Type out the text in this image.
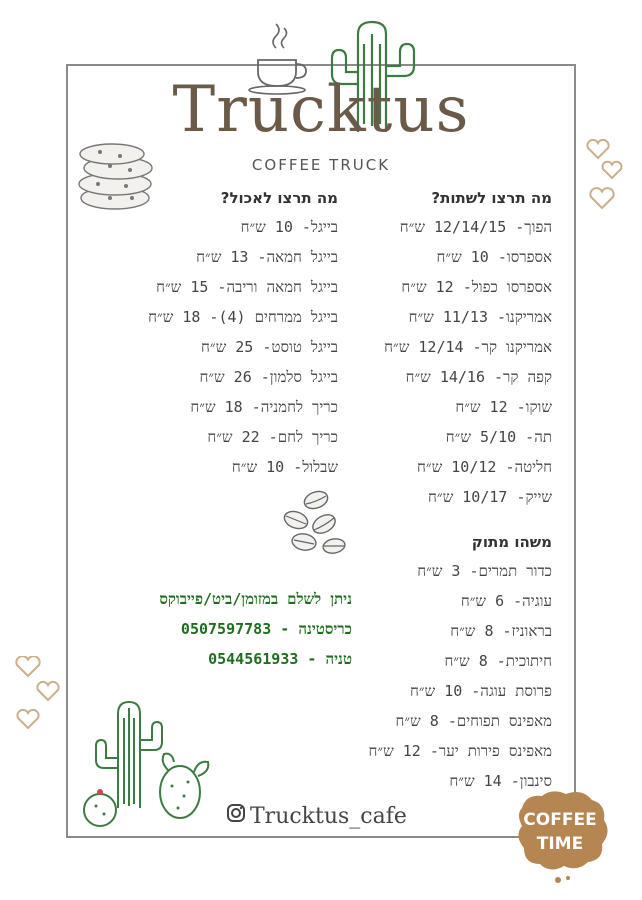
Trucktus
COFFEE TRUCK
מה תרצו לשתות?
הפוך- 12/14/15 ש״ח
אספרסו- 10 ש״ח
אספרסו כפול- 12 ש״ח
אמריקנו- 11/13 ש״ח
אמריקנו קר- 12/14 ש״ח
קפה קר- 14/16 ש״ח
שוקו- 12 ש״ח
תה- 5/10 ש״ח
חליטה- 10/12 ש״ח
שייק- 10/17 ש״ח
מה תרצו לאכול?
בייגל- 10 ש״ח
בייגל חמאה- 13 ש״ח
בייגל חמאה וריבה- 15 ש״ח
בייגל ממרחים (4)- 18 ש״ח
בייגל טוסט- 25 ש״ח
בייגל סלמון- 26 ש״ח
כריך לחמניה- 18 ש״ח
כריך לחם- 22 ש״ח
שבלול- 10 ש״ח
משהו מתוק
כדור תמרים- 3 ש״ח
עוגיה- 6 ש״ח
בראוניז- 8 ש״ח
חיתוכית- 8 ש״ח
פרוסת עוגה- 10 ש״ח
מאפינס תפוחים- 8 ש״ח
מאפינס פירות יער- 12 ש״ח
סינבון- 14 ש״ח
ניתן לשלם במזומן/ביט/פייבוקס
כריסטינה - 0507597783
טניה - 0544561933
Trucktus_cafe	COFFEE
TIME
